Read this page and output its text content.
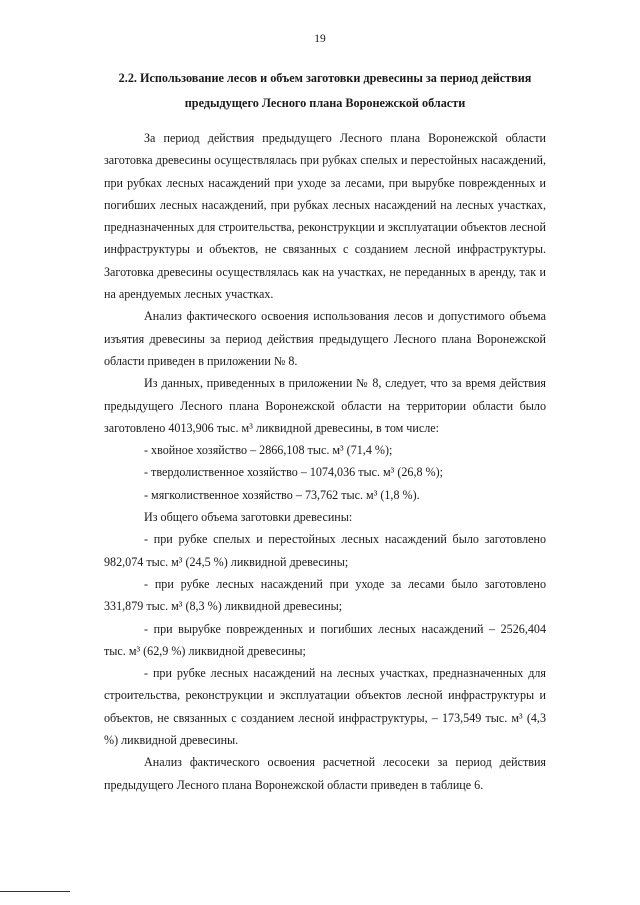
19
2.2. Использование лесов и объем заготовки древесины за период действия предыдущего Лесного плана Воронежской области

За период действия предыдущего Лесного плана Воронежской области заготовка древесины осуществлялась при рубках спелых и перестойных насаждений, при рубках лесных насаждений при уходе за лесами, при вырубке поврежденных и погибших лесных насаждений, при рубках лесных насаждений на лесных участках, предназначенных для строительства, реконструкции и эксплуатации объектов лесной инфраструктуры и объектов, не связанных с созданием лесной инфраструктуры. Заготовка древесины осуществлялась как на участках, не переданных в аренду, так и на арендуемых лесных участках.

Анализ фактического освоения использования лесов и допустимого объема изъятия древесины за период действия предыдущего Лесного плана Воронежской области приведен в приложении № 8.

Из данных, приведенных в приложении № 8, следует, что за время действия предыдущего Лесного плана Воронежской области на территории области было заготовлено 4013,906 тыс. м³ ликвидной древесины, в том числе:

- хвойное хозяйство – 2866,108 тыс. м³ (71,4 %);

- твердолиственное хозяйство – 1074,036 тыс. м³ (26,8 %);

- мягколиственное хозяйство – 73,762 тыс. м³ (1,8 %).

Из общего объема заготовки древесины:

- при рубке спелых и перестойных лесных насаждений было заготовлено 982,074 тыс. м³ (24,5 %) ликвидной древесины;

- при рубке лесных насаждений при уходе за лесами было заготовлено 331,879 тыс. м³ (8,3 %) ликвидной древесины;

- при вырубке поврежденных и погибших лесных насаждений – 2526,404 тыс. м³ (62,9 %) ликвидной древесины;

- при рубке лесных насаждений на лесных участках, предназначенных для строительства, реконструкции и эксплуатации объектов лесной инфраструктуры и объектов, не связанных с созданием лесной инфраструктуры, – 173,549 тыс. м³ (4,3 %) ликвидной древесины.

Анализ фактического освоения расчетной лесосеки за период действия предыдущего Лесного плана Воронежской области приведен в таблице 6.
